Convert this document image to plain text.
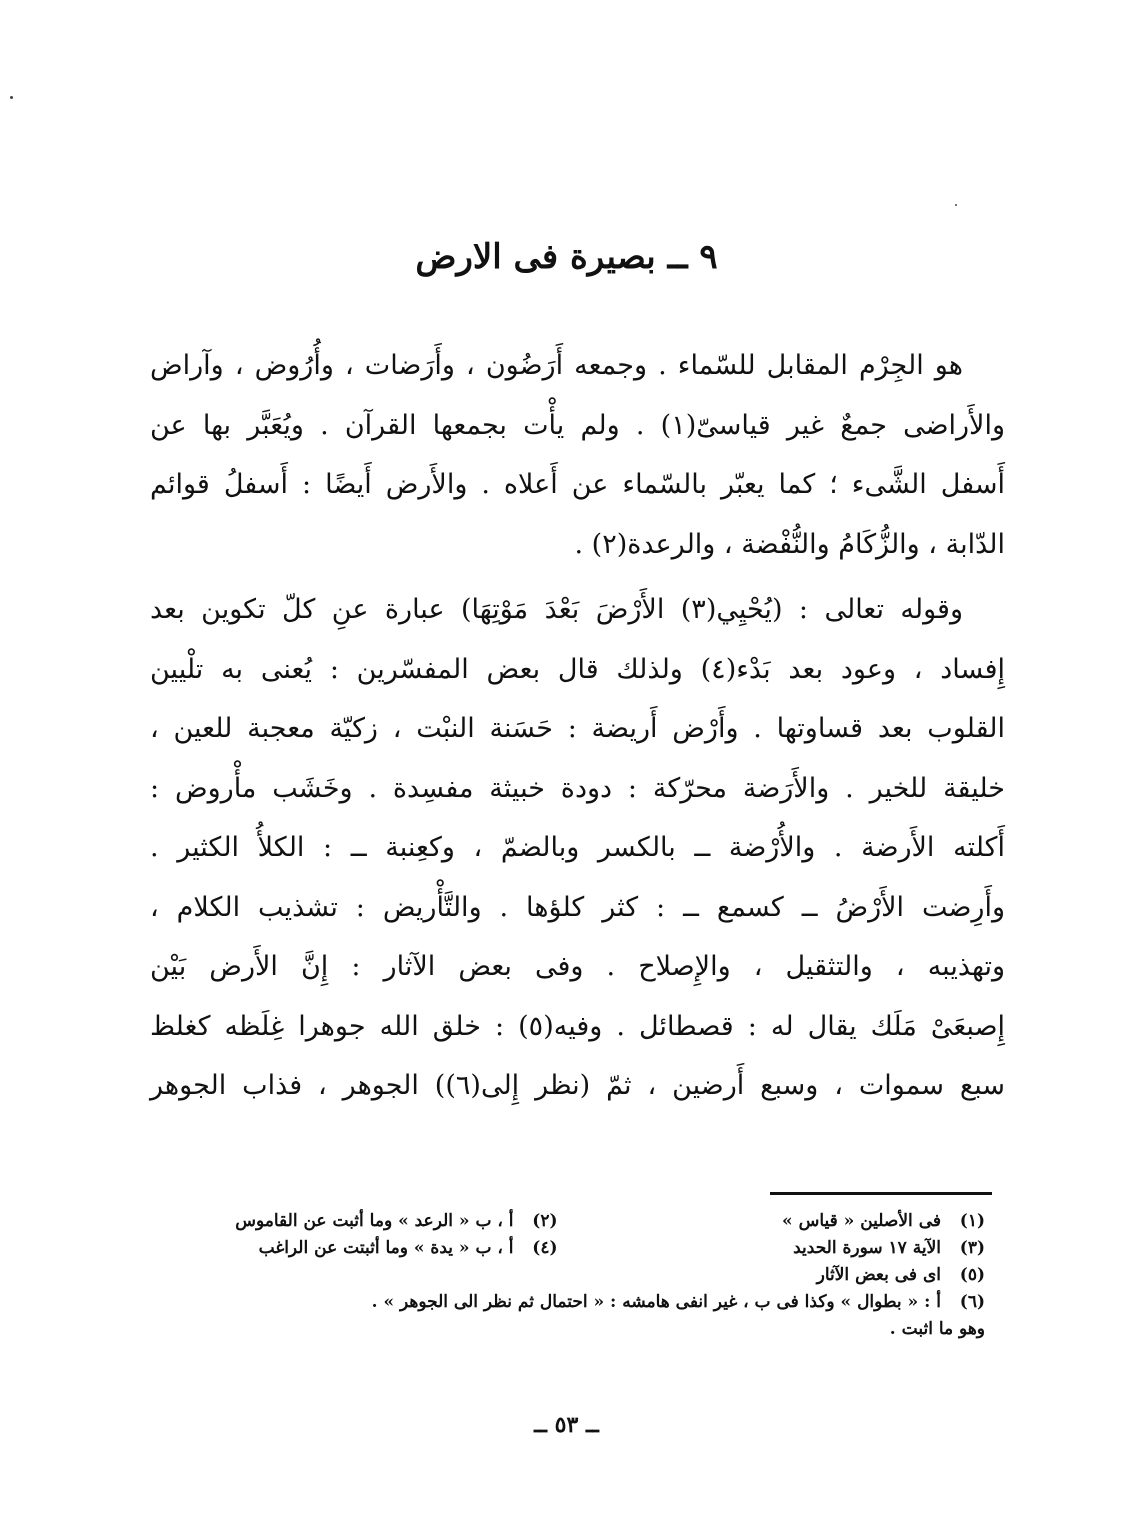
٩ ــ بصيرة فى الارض

هو الجِرْم المقابل للسّماء . وجمعه أَرَضُون ، وأَرَضات ، وأُرُوض ، وآراض
والأَراضى جمعٌ غير قياسىّ(١) . ولم يأْت بجمعها القرآن . ويُعَبَّر بها عن
أَسفل الشَّىء ؛ كما يعبّر بالسّماء عن أَعلاه . والأَرض أَيضًا : أَسفلُ قوائم
الدّابة ، والزُّكَامُ والنُّفْضة ، والرعدة(٢) .

وقوله تعالى : (يُحْيِي(٣) الأَرْضَ بَعْدَ مَوْتِهَا) عبارة عنِ كلّ تكوين بعد
إِفساد ، وعود بعد بَدْء(٤) ولذلك قال بعض المفسّرين : يُعنى به تلْيين
القلوب بعد قساوتها . وأَرْض أَريضة : حَسَنة النبْت ، زكيّة معجبة للعين ،
خليقة للخير . والأَرَضة محرّكة : دودة خبيثة مفسِدة . وخَشَب مأْروض :
أَكلته الأَرضة . والأُرْضة ــ بالكسر وبالضمّ ، وكعِنبة ــ : الكلأُ الكثير .
وأَرِضت الأَرْضُ ــ كسمع ــ : كثر كلؤها . والتَّأْريض : تشذيب الكلام ،
وتهذيبه ، والتثقيل ، والإِصلاح . وفى بعض الآثار : إِنَّ الأَرض بَيْن
إِصبعَىْ مَلَك يقال له : قصطائل . وفيه(٥) : خلق الله جوهرا غِلَظه كغلظ
سبع سموات ، وسبع أَرضين ، ثمّ (نظر إِلى(٦)) الجوهر ، فذاب الجوهر

(١)
فى الأصلين « قياس »
(٢)
أ ، ب « الرعد » وما أثبت عن القاموس
(٣)
الآية ١٧ سورة الحديد
(٤)
أ ، ب « يدة » وما أثبتت عن الراغب
(٥)
اى فى بعض الآثار
(٦)
أ : « بطوال » وكذا فى ب ، غير انفى هامشه : « احتمال ثم نظر الى الجوهر » .
وهو ما اثبت .
ــ ٥٣ ــ
